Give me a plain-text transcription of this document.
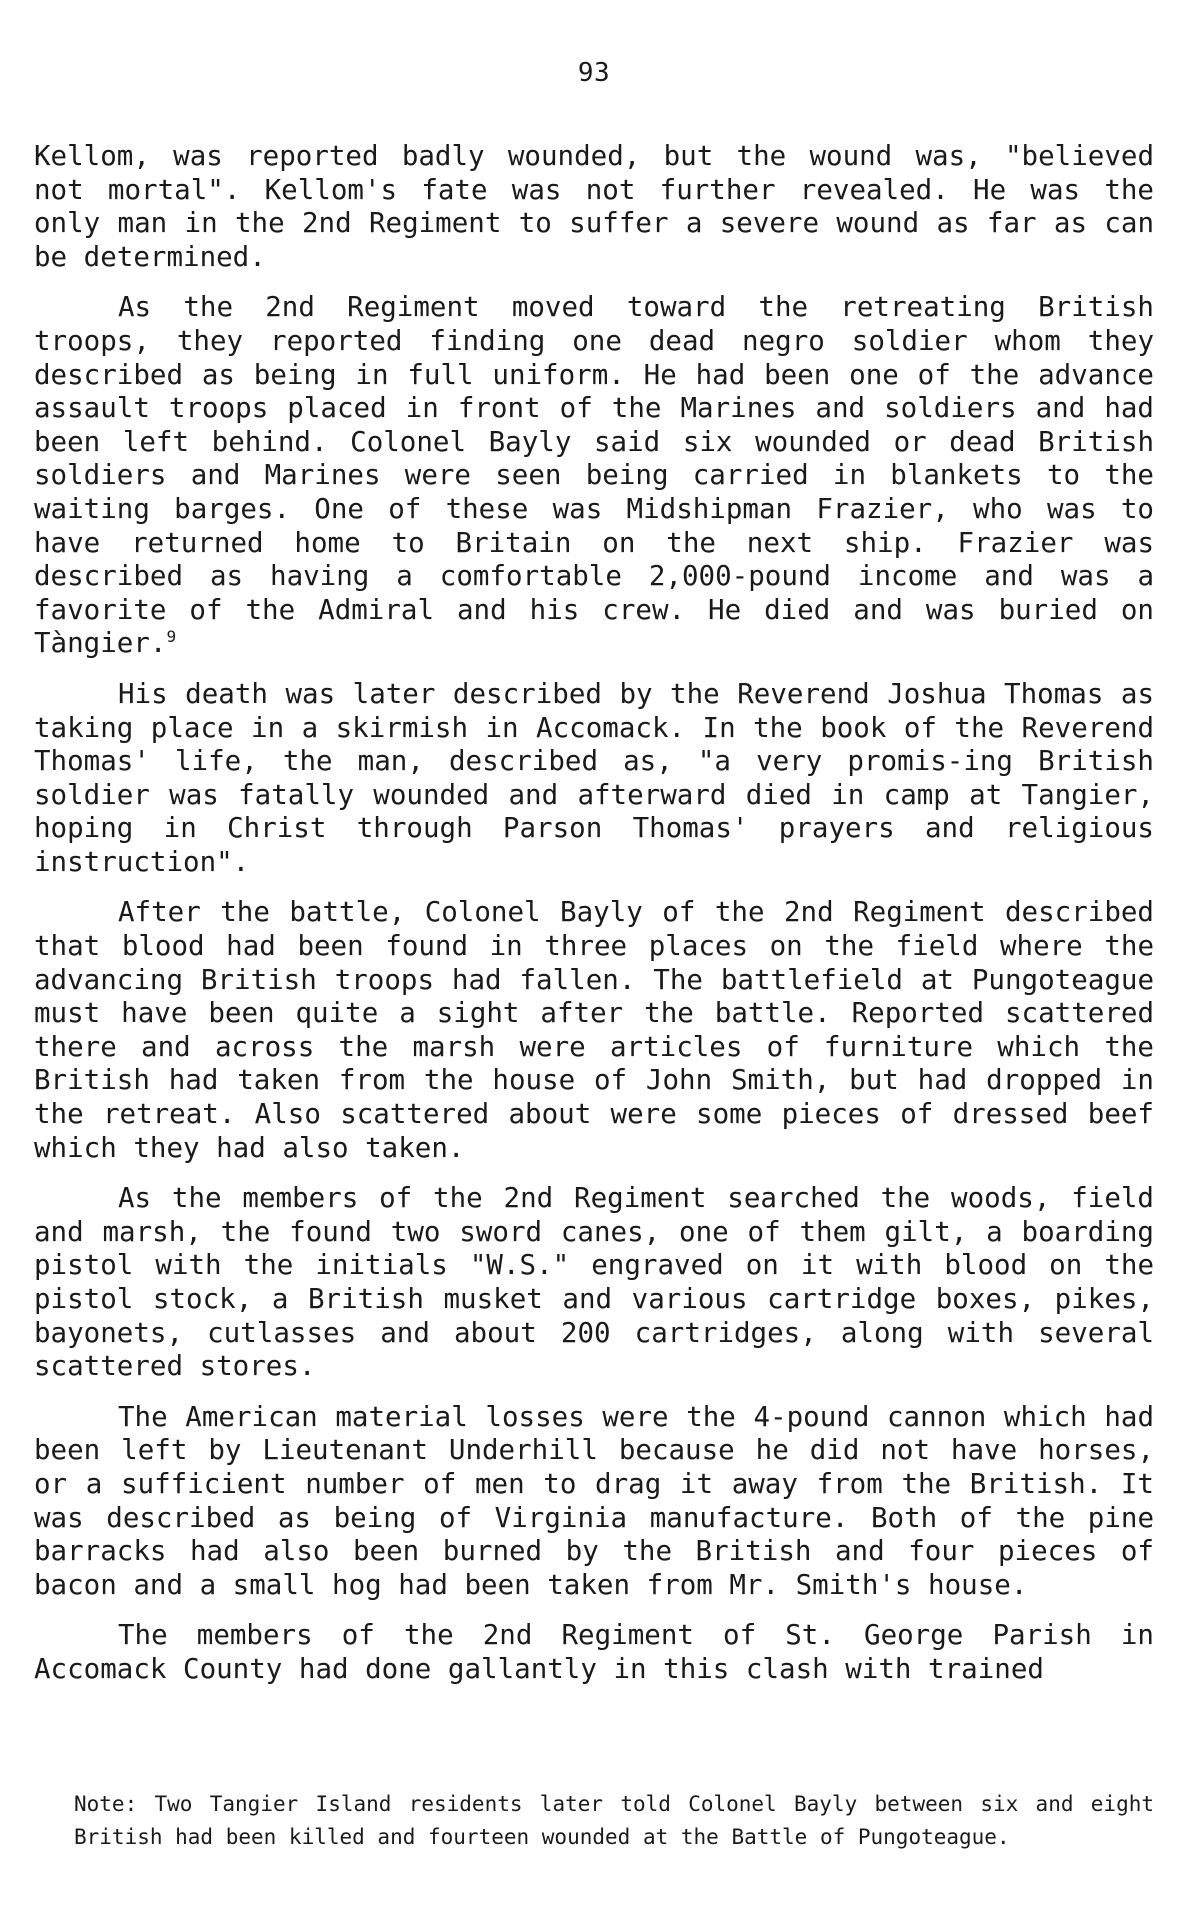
93

Kellom, was reported badly wounded, but the wound was, "believed not mortal". Kellom's fate was not further revealed. He was the only man in the 2nd Regiment to suffer a severe wound as far as can be determined.

As the 2nd Regiment moved toward the retreating British troops, they reported finding one dead negro soldier whom they described as being in full uniform. He had been one of the advance assault troops placed in front of the Marines and soldiers and had been left behind. Colonel Bayly said six wounded or dead British soldiers and Marines were seen being carried in blankets to the waiting barges. One of these was Midshipman Frazier, who was to have returned home to Britain on the next ship. Frazier was described as having a comfortable 2,000-pound income and was a favorite of the Admiral and his crew. He died and was buried on Tàngier.$^9$

His death was later described by the Reverend Joshua Thomas as taking place in a skirmish in Accomack. In the book of the Reverend Thomas' life, the man, described as, "a very promis-ing British soldier was fatally wounded and afterward died in camp at Tangier, hoping in Christ through Parson Thomas' prayers and religious instruction".

After the battle, Colonel Bayly of the 2nd Regiment described that blood had been found in three places on the field where the advancing British troops had fallen. The battlefield at Pungoteague must have been quite a sight after the battle. Reported scattered there and across the marsh were articles of furniture which the British had taken from the house of John Smith, but had dropped in the retreat. Also scattered about were some pieces of dressed beef which they had also taken.

As the members of the 2nd Regiment searched the woods, field and marsh, the found two sword canes, one of them gilt, a boarding pistol with the initials "W.S." engraved on it with blood on the pistol stock, a British musket and various cartridge boxes, pikes, bayonets, cutlasses and about 200 cartridges, along with several scattered stores.

The American material losses were the 4-pound cannon which had been left by Lieutenant Underhill because he did not have horses, or a sufficient number of men to drag it away from the British. It was described as being of Virginia manufacture. Both of the pine barracks had also been burned by the British and four pieces of bacon and a small hog had been taken from Mr. Smith's house.

The members of the 2nd Regiment of St. George Parish in Accomack County had done gallantly in this clash with trained

Note: Two Tangier Island residents later told Colonel Bayly between six and eight British had been killed and fourteen wounded at the Battle of Pungoteague.
